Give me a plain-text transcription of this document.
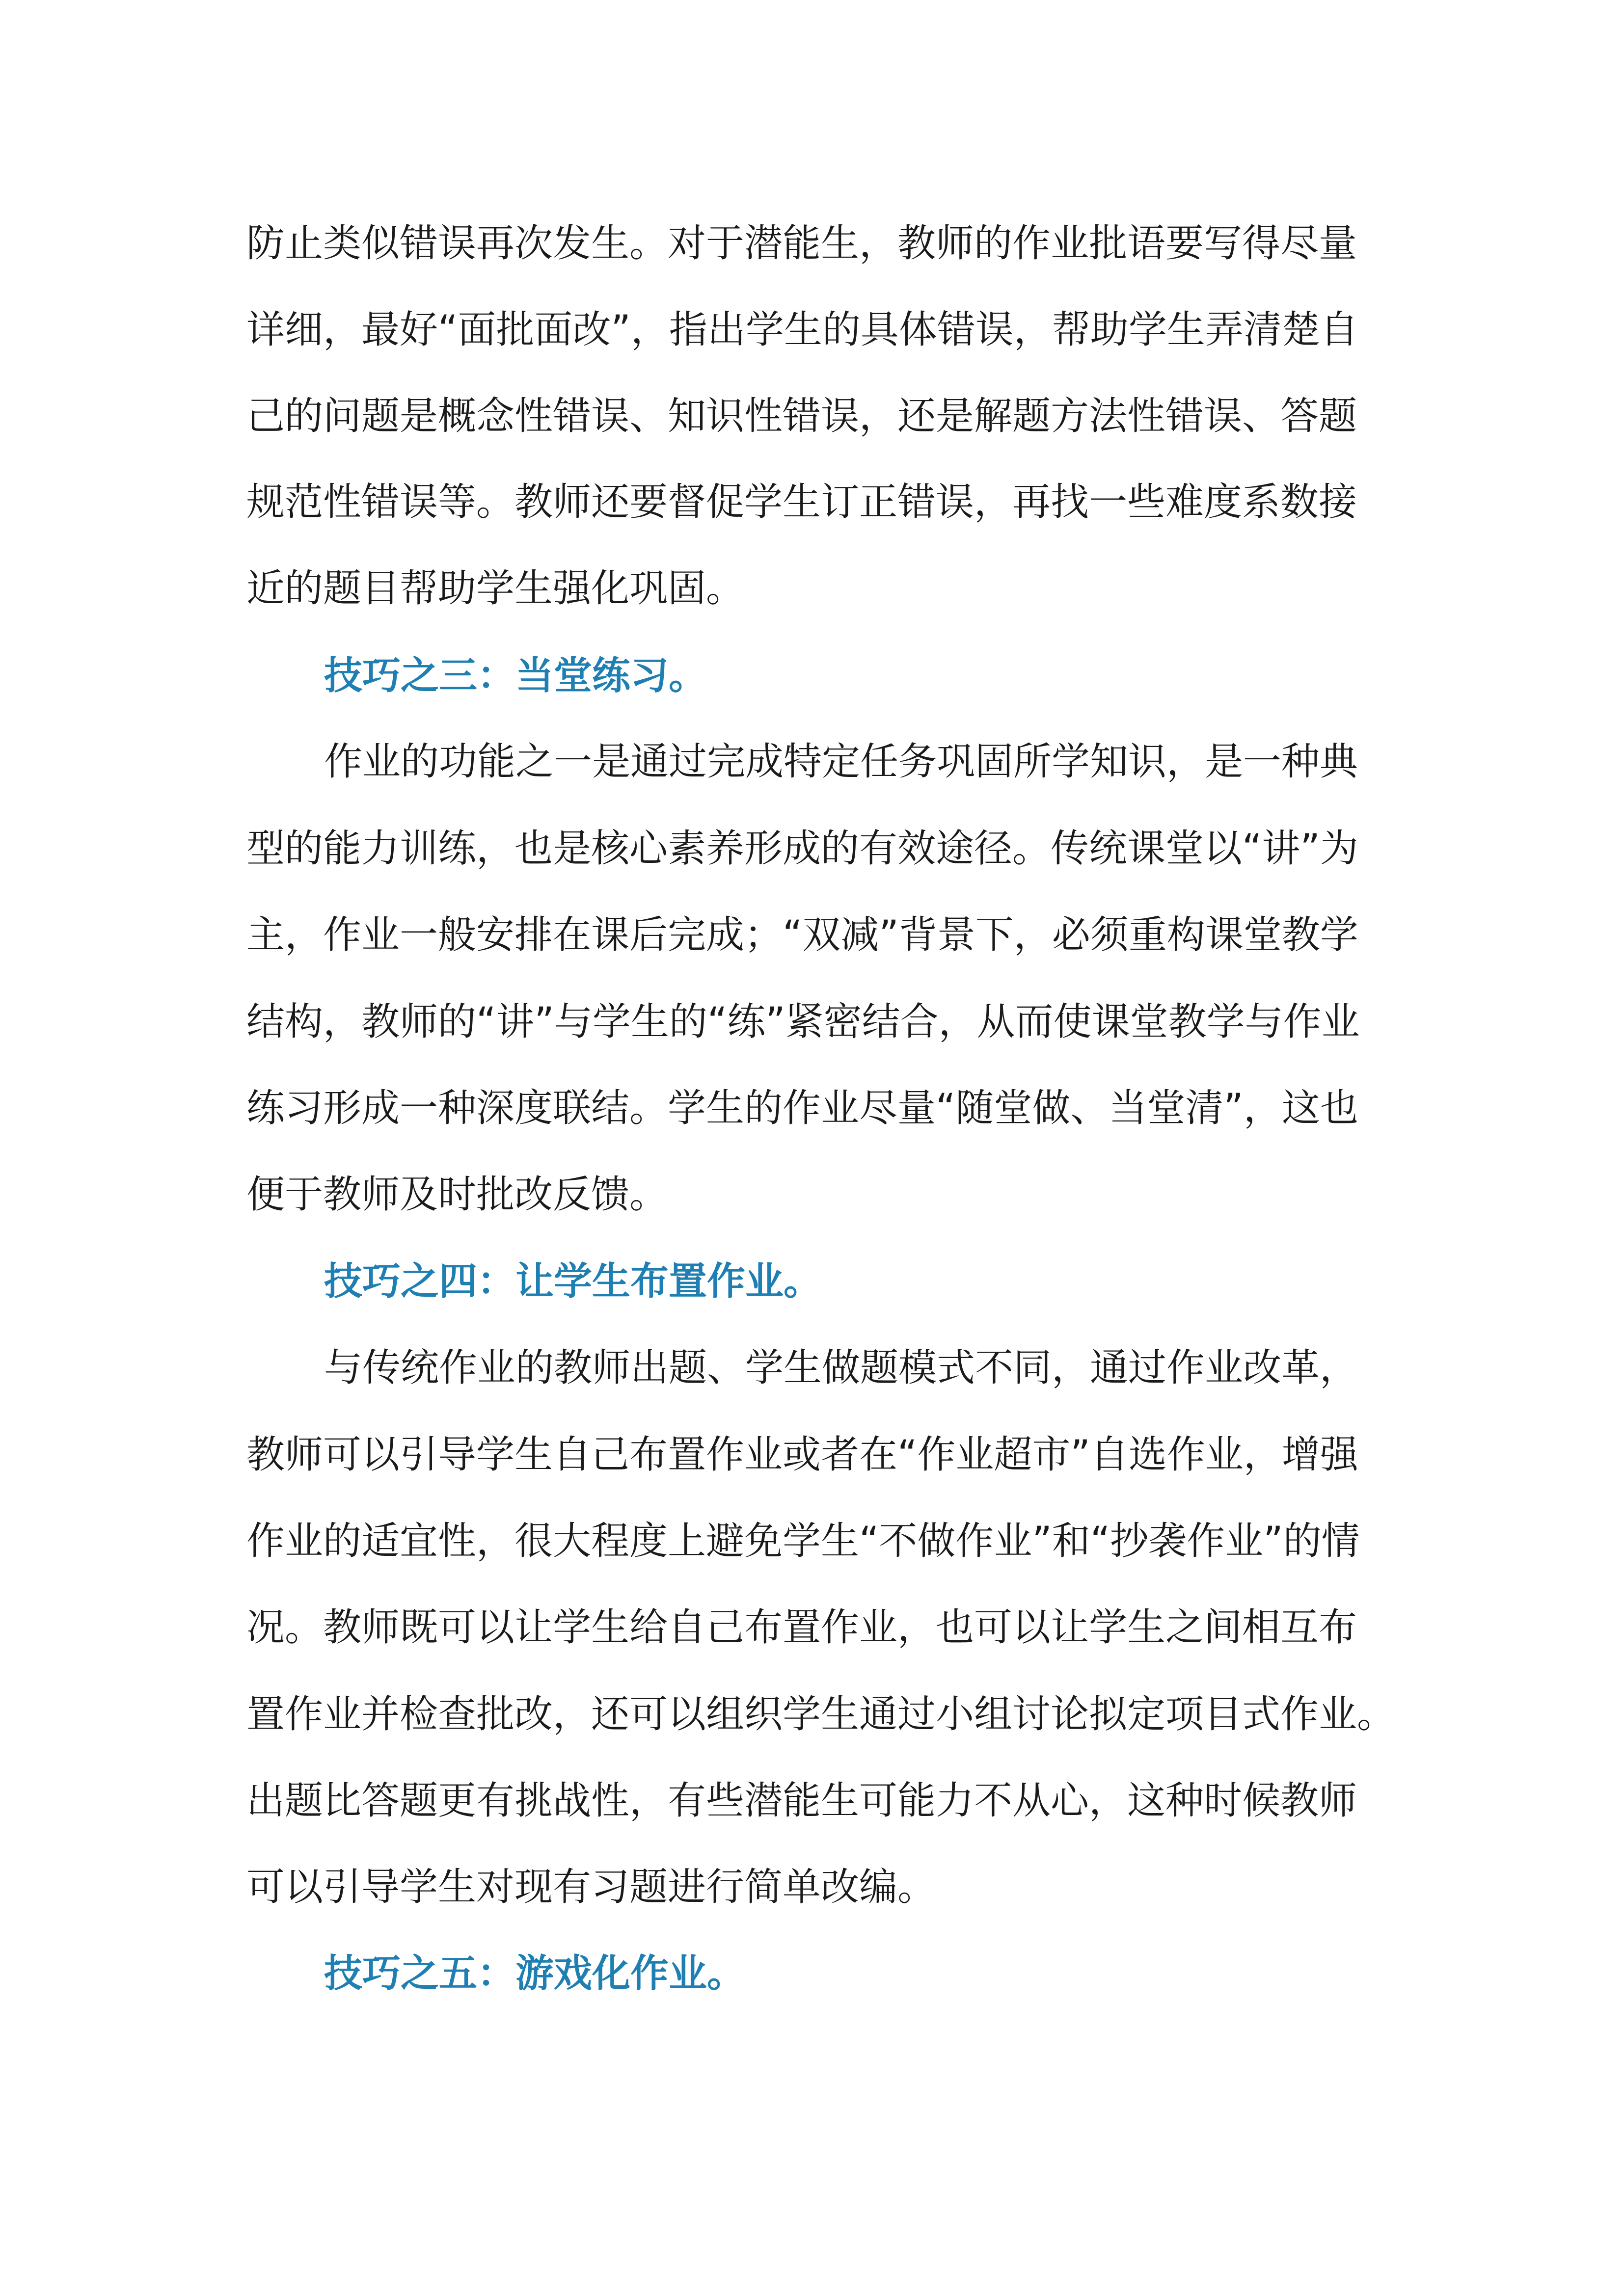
防止类似错误再次发生。对于潜能生，教师的作业批语要写得尽量
详细，最好“面批面改”，指出学生的具体错误，帮助学生弄清楚自
己的问题是概念性错误、知识性错误，还是解题方法性错误、答题
规范性错误等。教师还要督促学生订正错误，再找一些难度系数接
近的题目帮助学生强化巩固。
技巧之三：当堂练习。
作业的功能之一是通过完成特定任务巩固所学知识，是一种典
型的能力训练，也是核心素养形成的有效途径。传统课堂以“讲”为
主，作业一般安排在课后完成；“双减”背景下，必须重构课堂教学
结构，教师的“讲”与学生的“练”紧密结合，从而使课堂教学与作业
练习形成一种深度联结。学生的作业尽量“随堂做、当堂清”，这也
便于教师及时批改反馈。
技巧之四：让学生布置作业。
与传统作业的教师出题、学生做题模式不同，通过作业改革，
教师可以引导学生自己布置作业或者在“作业超市”自选作业，增强
作业的适宜性，很大程度上避免学生“不做作业”和“抄袭作业”的情
况。教师既可以让学生给自己布置作业，也可以让学生之间相互布
置作业并检查批改，还可以组织学生通过小组讨论拟定项目式作业。
出题比答题更有挑战性，有些潜能生可能力不从心，这种时候教师
可以引导学生对现有习题进行简单改编。
技巧之五：游戏化作业。
